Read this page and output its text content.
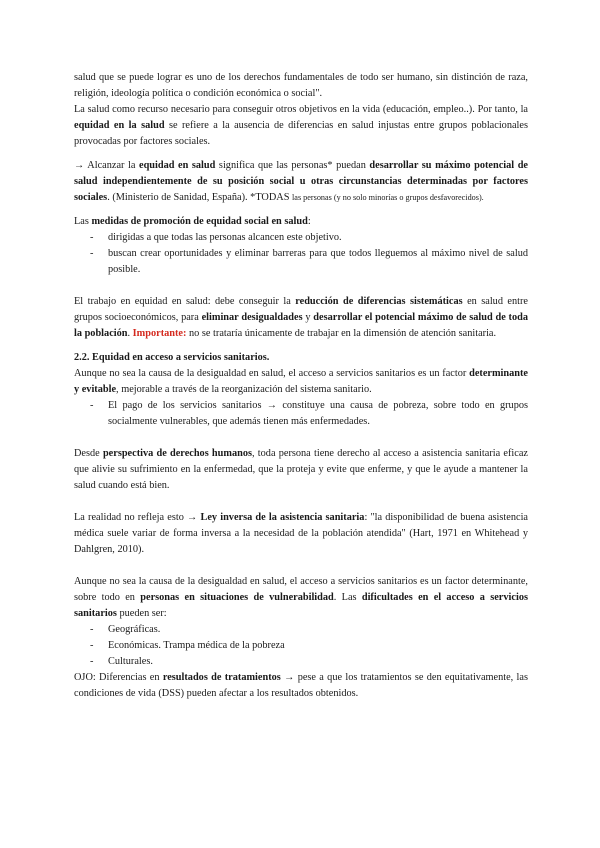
salud que se puede lograr es uno de los derechos fundamentales de todo ser humano, sin distinción de raza, religión, ideología política o condición económica o social".

La salud como recurso necesario para conseguir otros objetivos en la vida (educación, empleo..). Por tanto, la equidad en la salud se refiere a la ausencia de diferencias en salud injustas entre grupos poblacionales provocadas por factores sociales.

→ Alcanzar la equidad en salud significa que las personas* puedan desarrollar su máximo potencial de salud independientemente de su posición social u otras circunstancias determinadas por factores sociales. (Ministerio de Sanidad, España). *TODAS las personas (y no solo minorías o grupos desfavorecidos).

Las medidas de promoción de equidad social en salud:

- dirigidas a que todas las personas alcancen este objetivo.
- buscan crear oportunidades y eliminar barreras para que todos lleguemos al máximo nivel de salud posible.

El trabajo en equidad en salud: debe conseguir la reducción de diferencias sistemáticas en salud entre grupos socioeconómicos, para eliminar desigualdades y desarrollar el potencial máximo de salud de toda la población. Importante: no se trataría únicamente de trabajar en la dimensión de atención sanitaria.

2.2. Equidad en acceso a servicios sanitarios.

Aunque no sea la causa de la desigualdad en salud, el acceso a servicios sanitarios es un factor determinante y evitable, mejorable a través de la reorganización del sistema sanitario.

- El pago de los servicios sanitarios → constituye una causa de pobreza, sobre todo en grupos socialmente vulnerables, que además tienen más enfermedades.

Desde perspectiva de derechos humanos, toda persona tiene derecho al acceso a asistencia sanitaria eficaz que alivie su sufrimiento en la enfermedad, que la proteja y evite que enferme, y que le ayude a mantener la salud cuando está bien.

La realidad no refleja esto → Ley inversa de la asistencia sanitaria: "la disponibilidad de buena asistencia médica suele variar de forma inversa a la necesidad de la población atendida" (Hart, 1971 en Whitehead y Dahlgren, 2010).

Aunque no sea la causa de la desigualdad en salud, el acceso a servicios sanitarios es un factor determinante, sobre todo en personas en situaciones de vulnerabilidad. Las dificultades en el acceso a servicios sanitarios pueden ser:

- Geográficas.
- Económicas. Trampa médica de la pobreza
- Culturales.

OJO: Diferencias en resultados de tratamientos → pese a que los tratamientos se den equitativamente, las condiciones de vida (DSS) pueden afectar a los resultados obtenidos.
